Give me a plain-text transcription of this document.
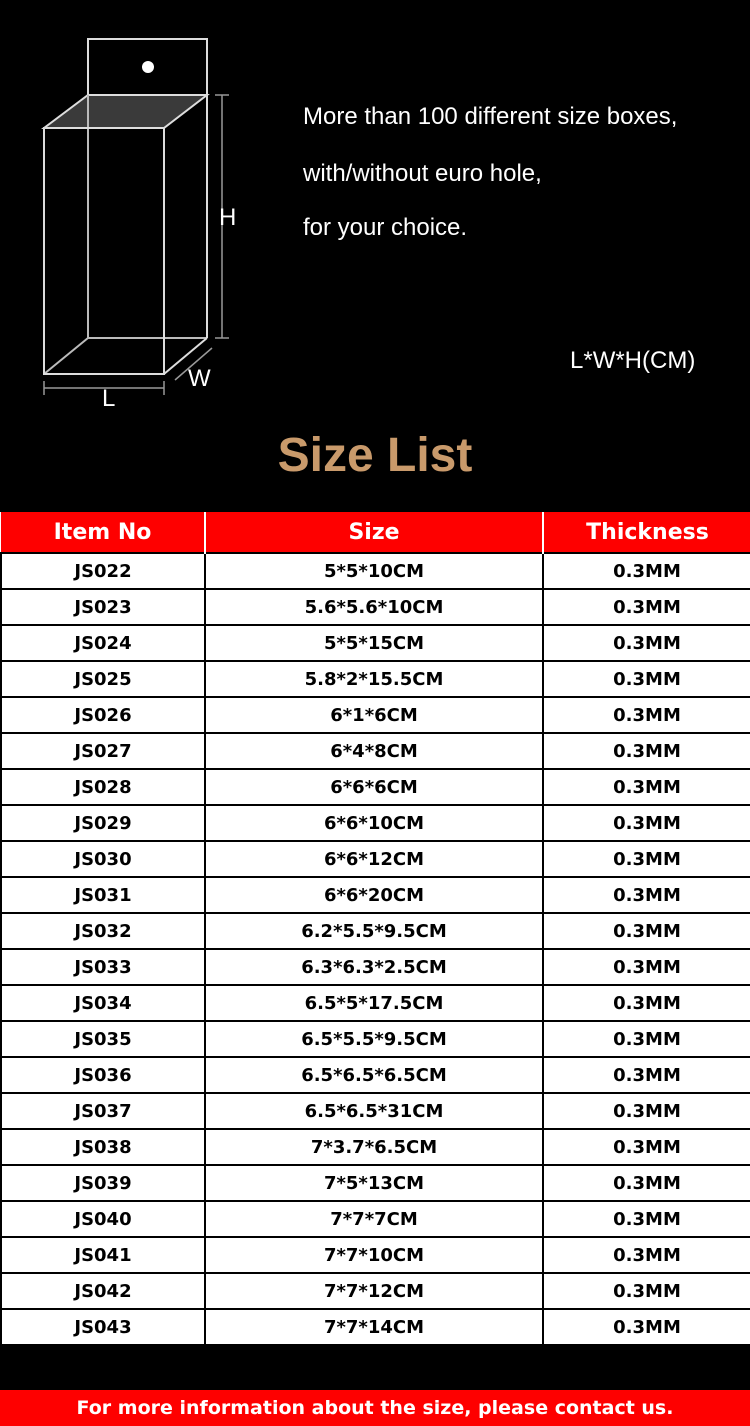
H
L
W
More than 100 different size boxes,
with/without euro hole,
for your choice.
L*W*H(CM)
Size List
Item No	Size	Thickness
JS022	5*5*10CM	0.3MM
JS023	5.6*5.6*10CM	0.3MM
JS024	5*5*15CM	0.3MM
JS025	5.8*2*15.5CM	0.3MM
JS026	6*1*6CM	0.3MM
JS027	6*4*8CM	0.3MM
JS028	6*6*6CM	0.3MM
JS029	6*6*10CM	0.3MM
JS030	6*6*12CM	0.3MM
JS031	6*6*20CM	0.3MM
JS032	6.2*5.5*9.5CM	0.3MM
JS033	6.3*6.3*2.5CM	0.3MM
JS034	6.5*5*17.5CM	0.3MM
JS035	6.5*5.5*9.5CM	0.3MM
JS036	6.5*6.5*6.5CM	0.3MM
JS037	6.5*6.5*31CM	0.3MM
JS038	7*3.7*6.5CM	0.3MM
JS039	7*5*13CM	0.3MM
JS040	7*7*7CM	0.3MM
JS041	7*7*10CM	0.3MM
JS042	7*7*12CM	0.3MM
JS043	7*7*14CM	0.3MM
For more information about the size, please contact us.
